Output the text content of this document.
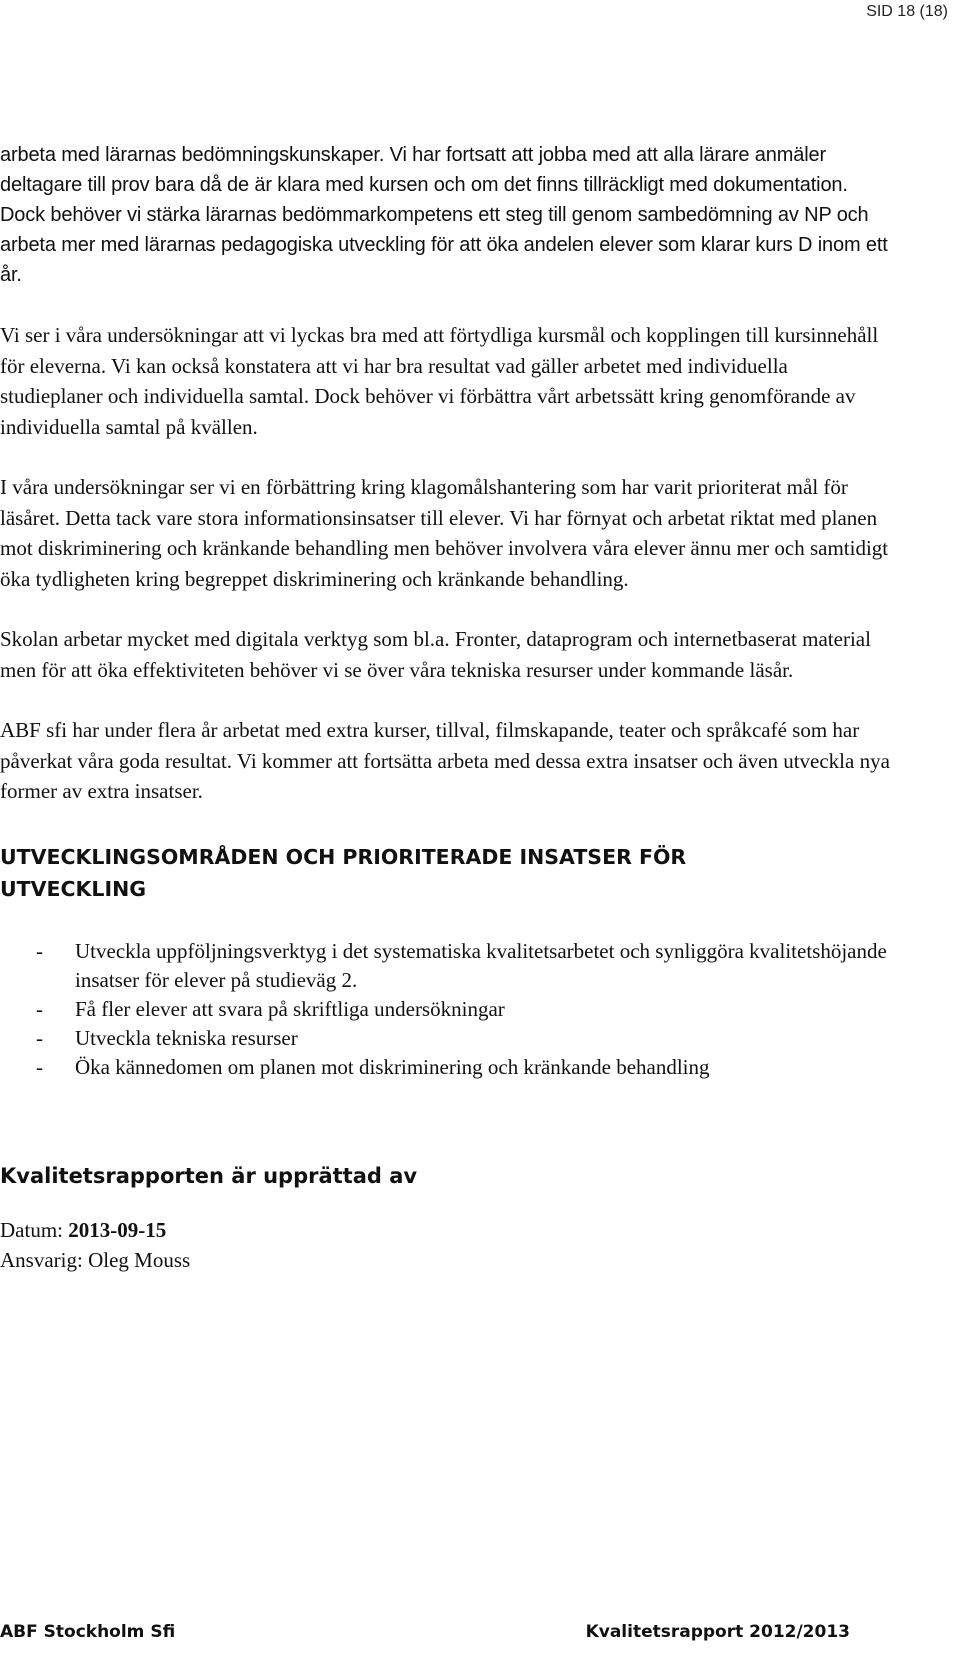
SID 18 (18)

arbeta med lärarnas bedömningskunskaper. Vi har fortsatt att jobba med att alla lärare anmäler deltagare till prov bara då de är klara med kursen och om det finns tillräckligt med dokumentation. Dock behöver vi stärka lärarnas bedömmarkompetens ett steg till genom sambedömning av NP och arbeta mer med lärarnas pedagogiska utveckling för att öka andelen elever som klarar kurs D inom ett år.

Vi ser i våra undersökningar att vi lyckas bra med att förtydliga kursmål och kopplingen till kursinnehåll för eleverna. Vi kan också konstatera att vi har bra resultat vad gäller arbetet med individuella studieplaner och individuella samtal. Dock behöver vi förbättra vårt arbetssätt kring genomförande av individuella samtal på kvällen.

I våra undersökningar ser vi en förbättring kring klagomålshantering som har varit prioriterat mål för läsåret. Detta tack vare stora informationsinsatser till elever. Vi har förnyat och arbetat riktat med planen mot diskriminering och kränkande behandling men behöver involvera våra elever ännu mer och samtidigt öka tydligheten kring begreppet diskriminering och kränkande behandling.

Skolan arbetar mycket med digitala verktyg som bl.a. Fronter, dataprogram och internetbaserat material men för att öka effektiviteten behöver vi se över våra tekniska resurser under kommande läsår.

ABF sfi har under flera år arbetat med extra kurser, tillval, filmskapande, teater och språkcafé som har påverkat våra goda resultat. Vi kommer att fortsätta arbeta med dessa extra insatser och även utveckla nya former av extra insatser.

UTVECKLINGSOMRÅDEN OCH PRIORITERADE INSATSER FÖR UTVECKLING
- Utveckla uppföljningsverktyg i det systematiska kvalitetsarbetet och synliggöra kvalitetshöjande insatser för elever på studieväg 2.
- Få fler elever att svara på skriftliga undersökningar
- Utveckla tekniska resurser
- Öka kännedomen om planen mot diskriminering och kränkande behandling
Kvalitetsrapporten är upprättad av
Datum: 2013-09-15
Ansvarig: Oleg Mouss
ABF Stockholm Sfi	Kvalitetsrapport 2012/2013
